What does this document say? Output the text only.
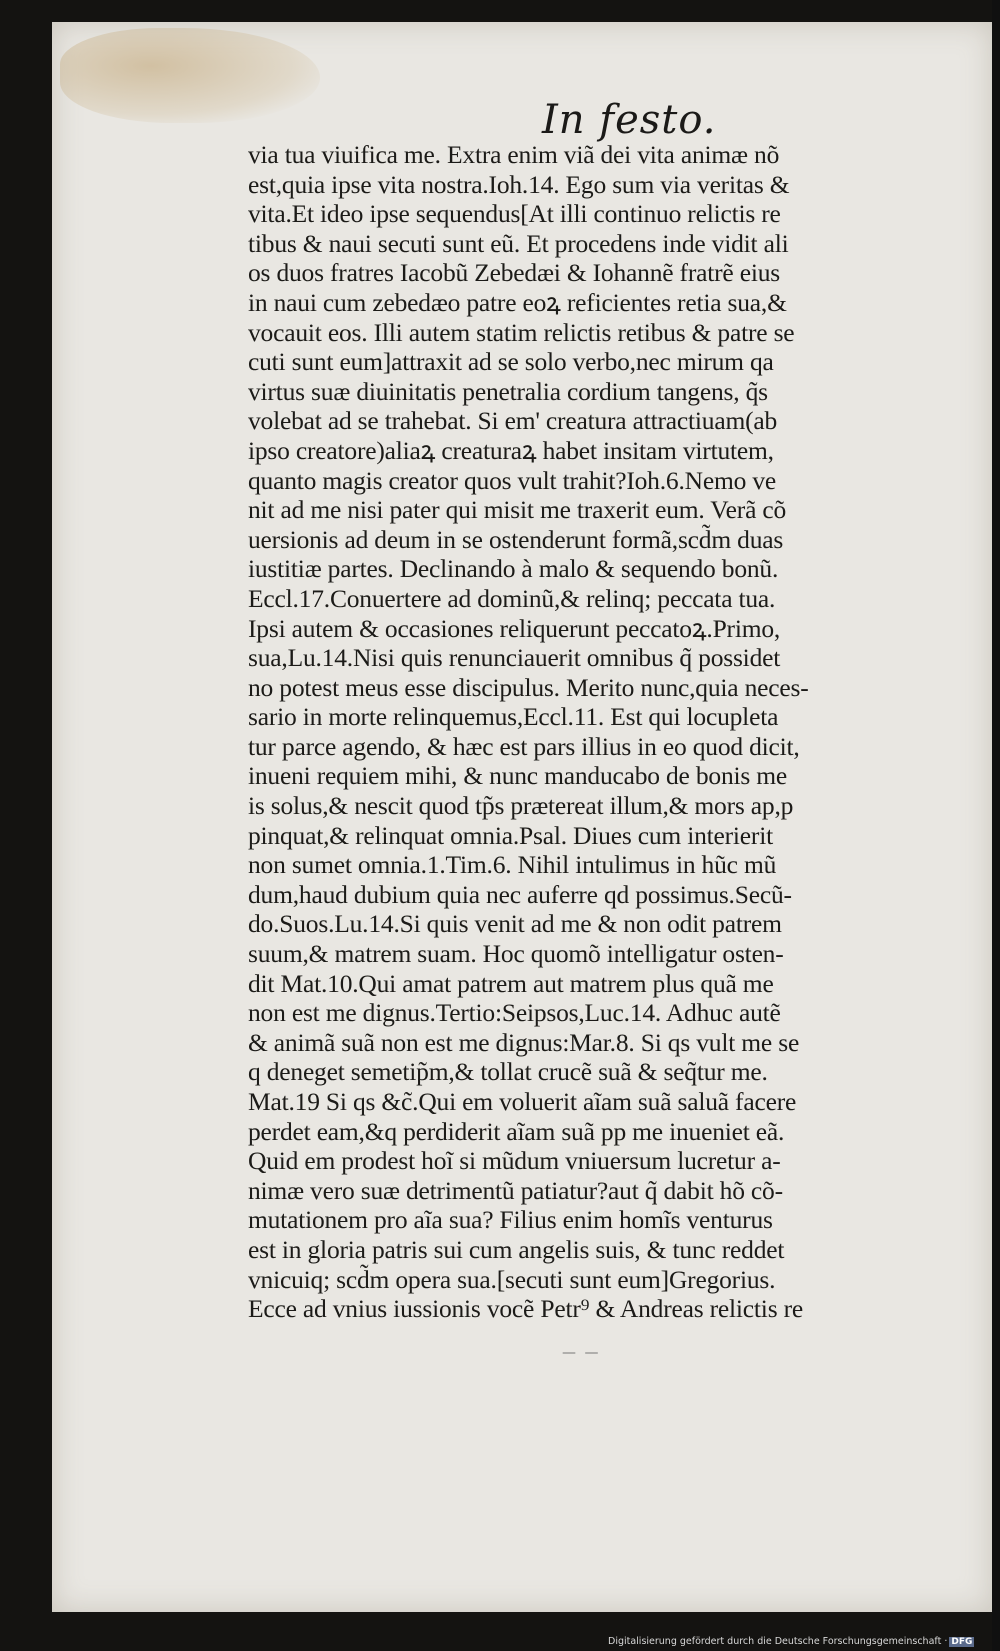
In festo.
via tua viuifica me. Extra enim viã dei vita animæ nõ
est,quia ipse vita nostra.Ioh.14. Ego sum via veritas &
vita.Et ideo ipse sequendus[At illi continuo relictis re
tibus & naui secuti sunt eũ. Et procedens inde vidit ali
os duos fratres Iacobũ Zebedæi & Iohannẽ fratrẽ eius
in naui cum zebedæo patre eoꝝ reficientes retia sua,&
vocauit eos. Illi autem statim relictis retibus & patre se
cuti sunt eum]attraxit ad se solo verbo,nec mirum qa
virtus suæ diuinitatis penetralia cordium tangens, q̃s
volebat ad se trahebat. Si em' creatura attractiuam(ab
ipso creatore)aliaꝝ creaturaꝝ habet insitam virtutem,
quanto magis creator quos vult trahit?Ioh.6.Nemo ve
nit ad me nisi pater qui misit me traxerit eum. Verã cõ
uersionis ad deum in se ostenderunt formã,scd̃m duas
iustitiæ partes. Declinando à malo & sequendo bonũ.
Eccl.17.Conuertere ad dominũ,& relinq; peccata tua.
Ipsi autem & occasiones reliquerunt peccatoꝝ.Primo,
sua,Lu.14.Nisi quis renunciauerit omnibus q̃ possidet
no potest meus esse discipulus. Merito nunc,quia neces-
sario in morte relinquemus,Eccl.11. Est qui locupleta
tur parce agendo, & hæc est pars illius in eo quod dicit,
inueni requiem mihi, & nunc manducabo de bonis me
is solus,& nescit quod tp̃s prætereat illum,& mors ap,p
pinquat,& relinquat omnia.Psal. Diues cum interierit
non sumet omnia.1.Tim.6. Nihil intulimus in hũc mũ
dum,haud dubium quia nec auferre qd possimus.Secũ-
do.Suos.Lu.14.Si quis venit ad me & non odit patrem
suum,& matrem suam. Hoc quomõ intelligatur osten-
dit Mat.10.Qui amat patrem aut matrem plus quã me
non est me dignus.Tertio:Seipsos,Luc.14. Adhuc autẽ
& animã suã non est me dignus:Mar.8. Si qs vult me se
q deneget semetip̃m,& tollat crucẽ suã & seq̃tur me.
Mat.19 Si qs &c̃.Qui em voluerit aĩam suã saluã facere
perdet eam,&q perdiderit aĩam suã pp me inueniet eã.
Quid em prodest hoĩ si mũdum vniuersum lucretur a-
nimæ vero suæ detrimentũ patiatur?aut q̃ dabit hõ cõ-
mutationem pro aĩa sua? Filius enim homĩs venturus
est in gloria patris sui cum angelis suis, & tunc reddet
vnicuiq; scd̃m opera sua.[secuti sunt eum]Gregorius.
Ecce ad vnius iussionis vocẽ Petr⁹ & Andreas relictis re
— —
Digitalisierung gefördert durch die Deutsche Forschungsgemeinschaft · DFG
